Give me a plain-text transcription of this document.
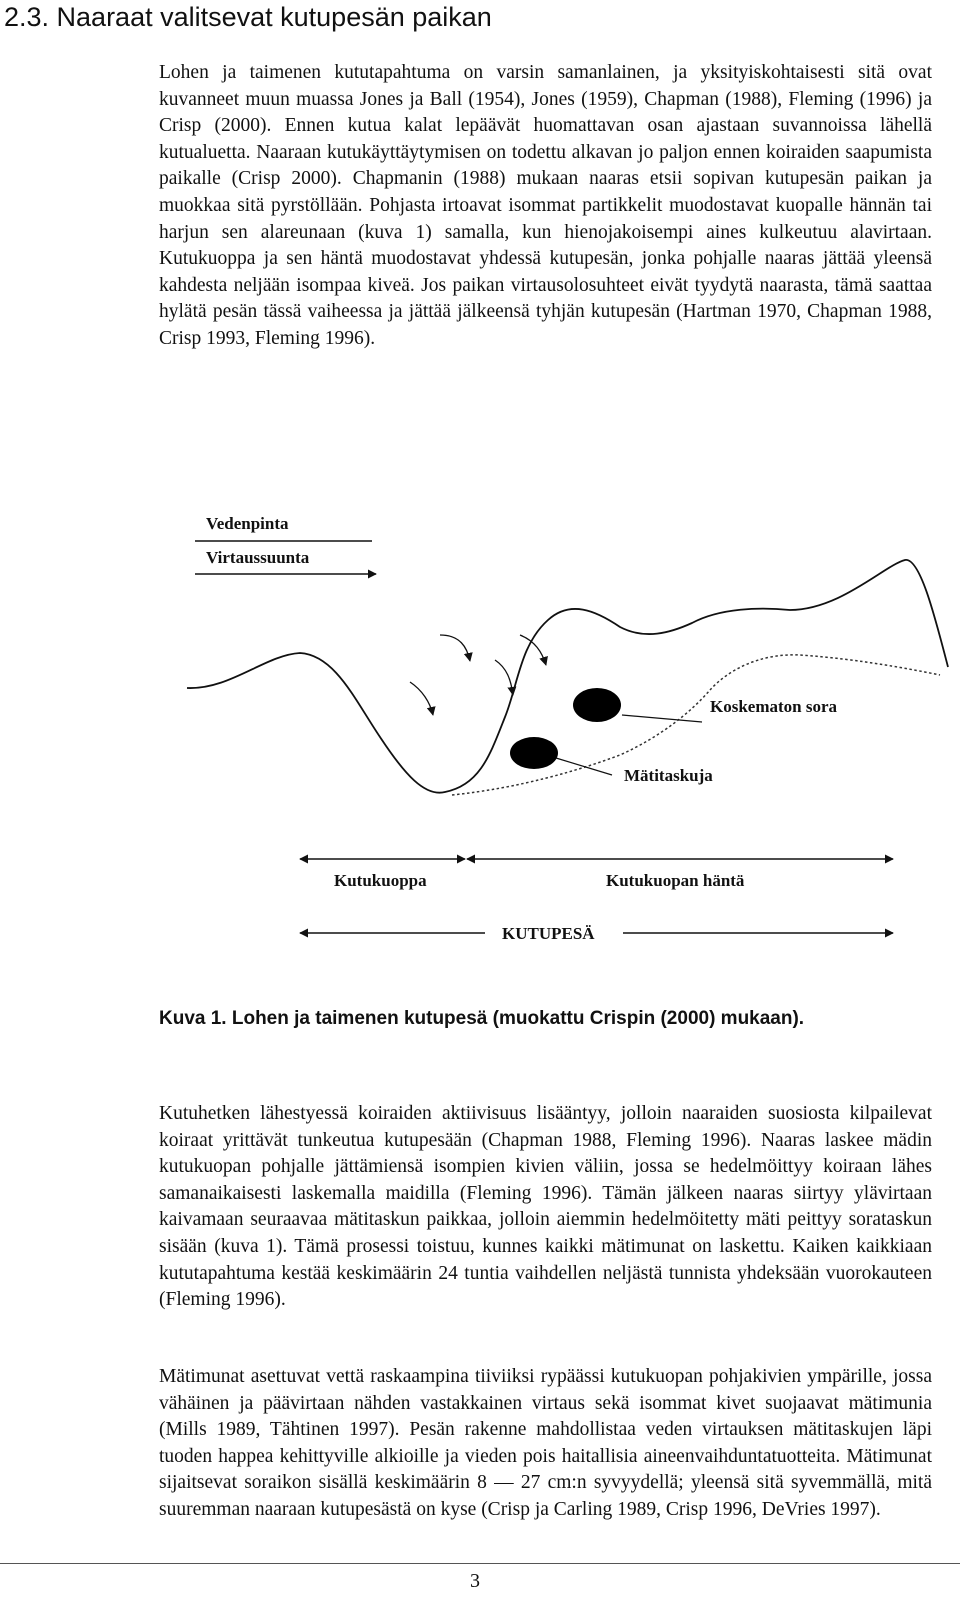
2.3. Naaraat valitsevat kutupesän paikan

Lohen ja taimenen kututapahtuma on varsin samanlainen, ja yksityiskohtaisesti sitä ovat kuvanneet muun muassa Jones ja Ball (1954), Jones (1959), Chapman (1988), Fleming (1996) ja Crisp (2000). Ennen kutua kalat lepäävät huomattavan osan ajastaan suvannoissa lähellä kutualuetta. Naaraan kutukäyttäytymisen on todettu alkavan jo paljon ennen koiraiden saapumista paikalle (Crisp 2000). Chapmanin (1988) mukaan naaras etsii sopivan kutupesän paikan ja muokkaa sitä pyrstöllään. Pohjasta irtoavat isommat partikkelit muodostavat kuopalle hännän tai harjun sen alareunaan (kuva 1) samalla, kun hienojakoisempi aines kulkeutuu alavirtaan. Kutukuoppa ja sen häntä muodostavat yhdessä kutupesän, jonka pohjalle naaras jättää yleensä kahdesta neljään isompaa kiveä. Jos paikan virtausolosuhteet eivät tyydytä naarasta, tämä saattaa hylätä pesän tässä vaiheessa ja jättää jälkeensä tyhjän kutupesän (Hartman 1970, Chapman 1988, Crisp 1993, Fleming 1996).

Vedenpinta
Virtaussuunta
Koskematon sora
Mätitaskuja
Kutukuoppa	Kutukuopan häntä
KUTUPESÄ

Kuva 1. Lohen ja taimenen kutupesä (muokattu Crispin (2000) mukaan).

Kutuhetken lähestyessä koiraiden aktiivisuus lisääntyy, jolloin naaraiden suosiosta kilpailevat koiraat yrittävät tunkeutua kutupesään (Chapman 1988, Fleming 1996). Naaras laskee mädin kutukuopan pohjalle jättämiensä isompien kivien väliin, jossa se hedelmöittyy koiraan lähes samanaikaisesti laskemalla maidilla (Fleming 1996). Tämän jälkeen naaras siirtyy ylävirtaan kaivamaan seuraavaa mätitaskun paikkaa, jolloin aiemmin hedelmöitetty mäti peittyy sorataskun sisään (kuva 1). Tämä prosessi toistuu, kunnes kaikki mätimunat on laskettu. Kaiken kaikkiaan kututapahtuma kestää keskimäärin 24 tuntia vaihdellen neljästä tunnista yhdeksään vuorokauteen (Fleming 1996).

Mätimunat asettuvat vettä raskaampina tiiviiksi rypäässi kutukuopan pohjakivien ympärille, jossa vähäinen ja päävirtaan nähden vastakkainen virtaus sekä isommat kivet suojaavat mätimunia (Mills 1989, Tähtinen 1997). Pesän rakenne mahdollistaa veden virtauksen mätitaskujen läpi tuoden happea kehittyville alkioille ja vieden pois haitallisia aineenvaihduntatuotteita. Mätimunat sijaitsevat soraikon sisällä keskimäärin 8 — 27 cm:n syvyydellä; yleensä sitä syvemmällä, mitä suuremman naaraan kutupesästä on kyse (Crisp ja Carling 1989, Crisp 1996, DeVries 1997).

3
